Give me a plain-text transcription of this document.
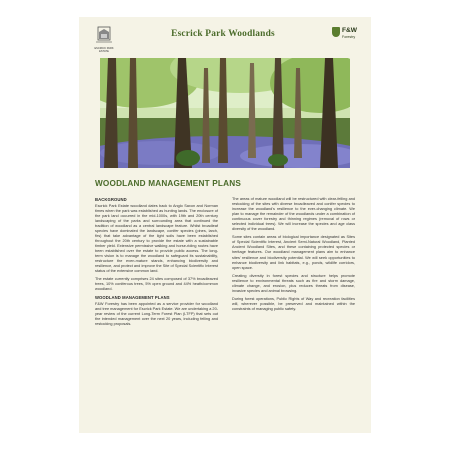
ESCRICK PARK ESTATE
Escrick Park Woodlands	F&W
Forestry
WOODLAND MANAGEMENT PLANS
BACKGROUND

Escrick Park Estate woodland dates back to Anglo Saxon and Norman times when the park was established as hunting lands. The enclosure of the park land occurred in the mid-1000s, with 19th and 20th century landscaping of the parks and surrounding area that continued the tradition of woodland as a central landscape feature. Whilst broadleaf species have dominated the landscape, conifer species (pines, larch, firs) that take advantage of the light soils have been established throughout the 20th century to provide the estate with a sustainable timber yield. Extensive permissive walking and horse-riding routes have been established over the estate to provide public access. The long-term vision is to manage the woodland to safeguard its sustainability, restructure the even-mature stands, enhancing biodiversity and resilience, and protect and improve the Site of Special Scientific Interest status of the extensive common land.

The estate currently comprises 24 sites composed of 37% broadleaved trees, 10% coniferous trees, 5% open ground and 44% heath/common woodland.

WOODLAND MANAGEMENT PLANS

F&W Forestry has been appointed as a service provider for woodland and tree management for Escrick Park Estate. We are undertaking a 20-year review of the current Long-Term Forest Plan (LTFP) that sets out the intended management over the next 20 years, including felling and restocking proposals.

The areas of mature woodland will be restructured with clear-felling and restocking of the sites with diverse broadleaved and conifer species to increase the woodland's resilience to the ever-changing climate. We plan to manage the remainder of the woodlands under a combination of continuous cover forestry and thinning regimes (removal of rows or selected individual trees). We will increase the species and age class diversity of the woodland.

Some sites contain areas of biological importance designated as Sites of Special Scientific Interest, Ancient Semi-Natural Woodland, Planted Ancient Woodland Sites, and these containing protected species or heritage features. Our woodland management plans aim to enhance sites' resilience and biodiversity potential. We will seek opportunities to enhance biodiversity and link habitats, e.g., ponds, wildlife corridors, open space.

Creating diversity in forest species and structure helps promote resilience to environmental threats such as fire and storm damage, climate change, and erosion, plus reduces threats from disease, invasive species and animal browsing.

During forest operations, Public Rights of Way and recreation facilities will, wherever possible, be preserved and maintained within the constraints of managing public safety.
